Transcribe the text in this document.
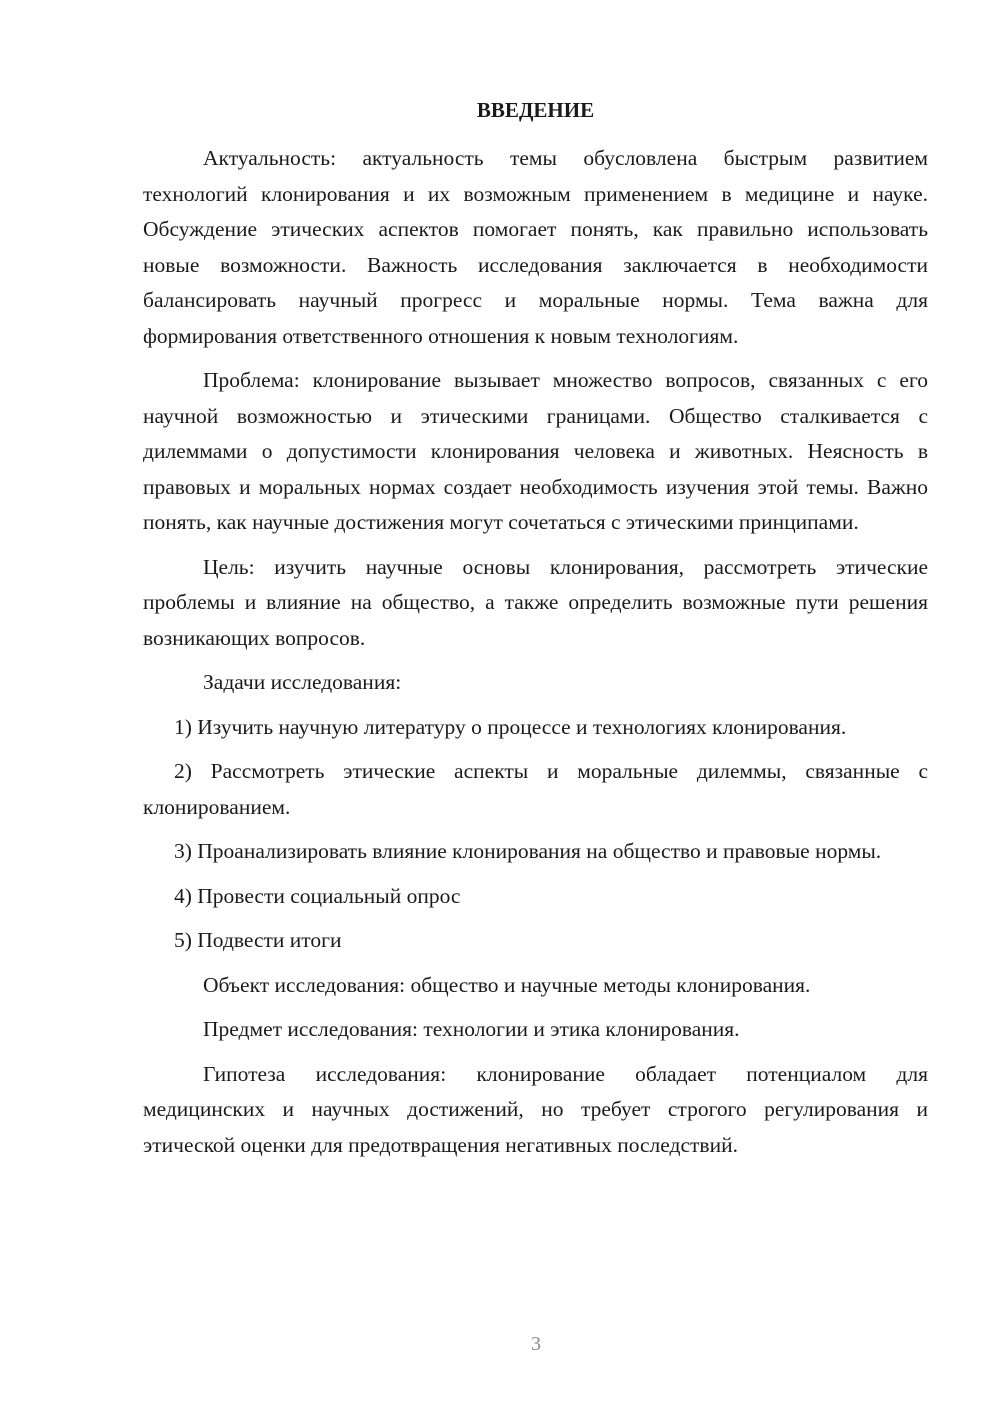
ВВЕДЕНИЕ

Актуальность: актуальность темы обусловлена быстрым развитием технологий клонирования и их возможным применением в медицине и науке. Обсуждение этических аспектов помогает понять, как правильно использовать новые возможности. Важность исследования заключается в необходимости балансировать научный прогресс и моральные нормы. Тема важна для формирования ответственного отношения к новым технологиям.

Проблема: клонирование вызывает множество вопросов, связанных с его научной возможностью и этическими границами. Общество сталкивается с дилеммами о допустимости клонирования человека и животных. Неясность в правовых и моральных нормах создает необходимость изучения этой темы. Важно понять, как научные достижения могут сочетаться с этическими принципами.

Цель: изучить научные основы клонирования, рассмотреть этические проблемы и влияние на общество, а также определить возможные пути решения возникающих вопросов.

Задачи исследования:

1) Изучить научную литературу о процессе и технологиях клонирования.

2) Рассмотреть этические аспекты и моральные дилеммы, связанные с клонированием.

3) Проанализировать влияние клонирования на общество и правовые нормы.

4) Провести социальный опрос

5) Подвести итоги

Объект исследования: общество и научные методы клонирования.

Предмет исследования: технологии и этика клонирования.

Гипотеза исследования: клонирование обладает потенциалом для медицинских и научных достижений, но требует строгого регулирования и этической оценки для предотвращения негативных последствий.

3
